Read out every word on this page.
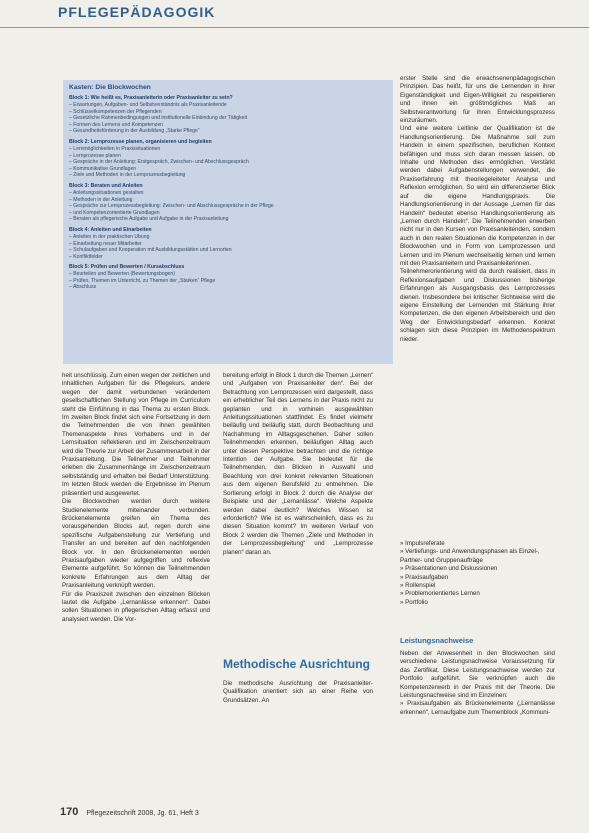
PFLEGEPÄDAGOGIK
Kasten: Die Blockwochen
Block 1: Wie heißt es, Praxisanleiterin oder Praxisanleiter zu sein?
– Erwartungen, Aufgaben- und Selbstverständnis als Praxisanleitende
– Schlüsselkompetenzen der Pflegenden
– Gesetzliche Rahmenbedingungen und institutionelle Einbindung der Tätigkeit
– Formen des Lernens und Kompetenzen
– Gesundheitsförderung in der Ausbildung „Starke Pflege“
Block 2: Lernprozesse planen, organisieren und begleiten
– Lernmöglichkeiten in Praxissituationen
– Lernprozesse planen
– Gespräche in der Anleitung: Erstgespräch, Zwischen- und Abschlussgespräch
– Kommunikative Grundlagen
– Ziele und Methoden in der Lernprozessbegleitung
Block 3: Beraten und Anleiten
– Anleitungssituationen gestalten
– Methoden in der Anleitung
– Gespräche zur Lernprozessbegleitung: Zwischen- und Abschlussgespräche in der Pflege
– und Kompetenzorientierte Grundlagen
– Beraten als pflegerische Aufgabe und Aufgabe in der Praxisanleitung
Block 4: Anleiten und Einarbeiten
– Anleiten in der praktischen Übung
– Einarbeitung neuer Mitarbeiter
– Schulaufgaben und Kooperation mit Ausbildungsstätten und Lernorten
– Konfliktfelder
Block 5: Prüfen und Bewerten / Kursabschluss
– Beurteilen und Bewerten (Bewertungsbogen)
– Prüfen, Themen im Unterricht, zu Themen der „Starken“ Pflege
– Abschluss
heit unschlüssig. Zum einen wegen der zeitlichen und inhaltlichen Aufgaben für die Pflegekurs, andere wegen der damit verbundenen verändertem gesellschaftlichen Stellung von Pflege im Curriculum steht die Einführung in das Thema zu ersten Block. Im zweiten Block findet sich eine Fortsetzung in dem die Teilnehmenden die von ihnen gewählten Themenaspekte ihres Vorhabens und in der Lernsituation reflektieren und im Zwischenzeitraum wird die Theorie zur Arbeit der Zusammenarbeit in der Praxisanleitung. Die Teilnehmer und Teilnehmer erleben die Zusammenhänge im Zwischenzeitraum selbstständig und erhalten bei Bedarf Unterstützung. Im letzten Block werden die Ergebnisse im Plenum präsentiert und ausgewertet.
Die Blockwochen werden durch weitere Studienelemente miteinander verbunden. Brückenelemente greifen ein Thema des vorausgehenden Blocks auf, regen durch eine spezifische Aufgabenstellung zur Vertiefung und Transfer an und bereiten auf den nachfolgenden Block vor. In den Brückenelementen werden Praxisaufgaben wieder aufgegriffen und reflexive Elemente aufgeführt. So können die Teilnehmenden konkrete Erfahrungen aus dem Alltag der Praxisanleitung verknüpft werden.
Für die Praxiszeit zwischen den einzelnen Blöcken lautet die Aufgabe „Lernanlässe erkennen“. Dabei sollen Situationen in pflegerischen Alltag erfasst und analysiert werden. Die Vor-
bereitung erfolgt in Block 1 durch die Themen „Lernen“ und „Aufgaben von Praxisanleiter den“. Bei der Betrachtung von Lernprozessen wird dargestellt, dass ein erheblicher Teil des Lernens in der Praxis nicht zu geplanten und in vorhinein ausgewählten Anleitungssituationen stattfindet. Es findet vielmehr beiläufig und beiläufig statt, durch Beobachtung und Nachahmung im Alltagsgeschehen. Daher sollen Teilnehmenden erkennen, beiläufigen Alltag auch unter diesen Perspektive betrachten und die richtige Intention der Aufgabe. Sie bedeutet für die Teilnehmenden, den Blicken in Auswahl und Beachtung von drei konkret relevanten Situationen aus dem eigenen Berufsfeld zu entnehmen. Die Sortierung erfolgt in Block 2 durch die Analyse der Beispiele und der „Lernanlässe“. Welche Aspekte werden dabei deutlich? Welches Wissen ist erforderlich? Wie ist es wahrscheinlich, dass es zu diesen Situation kommt? Im weiteren Verlauf von Block 2 werden die Themen „Ziele und Methoden in der Lernprozessbegleitung“ und „Lernprozesse planen“ daran an.
Methodische Ausrichtung
Die methodische Ausrichtung der Praxisanleiter-Qualifikation orientiert sich an einer Reihe von Grundsätzen. An
erster Stelle sind die erwachsenenpädagogischen Prinzipien. Das heißt, für uns die Lernenden in ihrer Eigenständigkeit und Eigen-Willigkeit zu respektieren und ihnen ein größtmögliches Maß an Selbstverantwortung für ihren Entwicklungsprozess einzuräumen.
Und eine weitere Leitlinie der Qualifikation ist die Handlungsorientierung. Die Maßnahme soll zum Handeln in einem spezifischen, beruflichen Kontext befähigen und muss sich daran messen lassen, ob Inhalte und Methoden dies ermöglichen. Verstärkt werden dabei Aufgabenstellungen verwendet, die Praxiserfahrung mit theoriegeleiteter Analyse und Reflexion ermöglichen. So wird ein differenzierter Blick auf die eigene Handlungspraxis. Die Handlungsorientierung in der Aussage „Lernen für das Handeln“ bedeutet ebenso Handlungsorientierung als „Lernen durch Handeln“. Die Teilnehmenden erwerben nicht nur in den Kursen von Praxisanleitenden, sondern auch in den realen Situationen die Kompetenzen in der Blockwochen und in Form von Lernprozessen und Lernen und im Plenum wechselseitig lernen und lernen mit den Praxisanleitern und Praxisanleiterinnen.
Teilnehmerorientierung wird da durch realisiert, dass in Reflexionsaufgaben und Diskussionen bisherige Erfahrungen als Ausgangsbasis des Lernprozesses dienen. Insbesondere bei kritischer Sichtweise wird die eigene Einstellung der Lernenden mit Stärkung ihrer Kompetenzen, die den eigenen Arbeitsbereich und den Weg der Entwicklungsbedarf erkennen. Konkret schlagen sich diese Prinzipien im Methodenspektrum nieder.
» Impulsreferate
» Vertiefungs- und Anwendungsphasen als Einzel-, Partner- und Gruppenaufträge
» Präsentationen und Diskussionen
» Praxisaufgaben
» Rollenspiel
» Problemorientiertes Lernen
» Portfolio
Leistungsnachweise
Neben der Anwesenheit in den Blockwochen sind verschiedene Leistungsnachweise Voraussetzung für das Zertifikat. Diese Leistungsnachweise werden zur Portfolio aufgeführt. Sie verknüpfen auch die Kompetenzerwerb in der Praxis mit der Theorie. Die Leistungsnachweise sind im Einzelnen:
» Praxisaufgaben als Brückenelemente („Lernanlässe erkennen“, Lernaufgabe zum Themenblock „Kommuni-
170 Pflegezeitschrift 2008, Jg. 61, Heft 3
